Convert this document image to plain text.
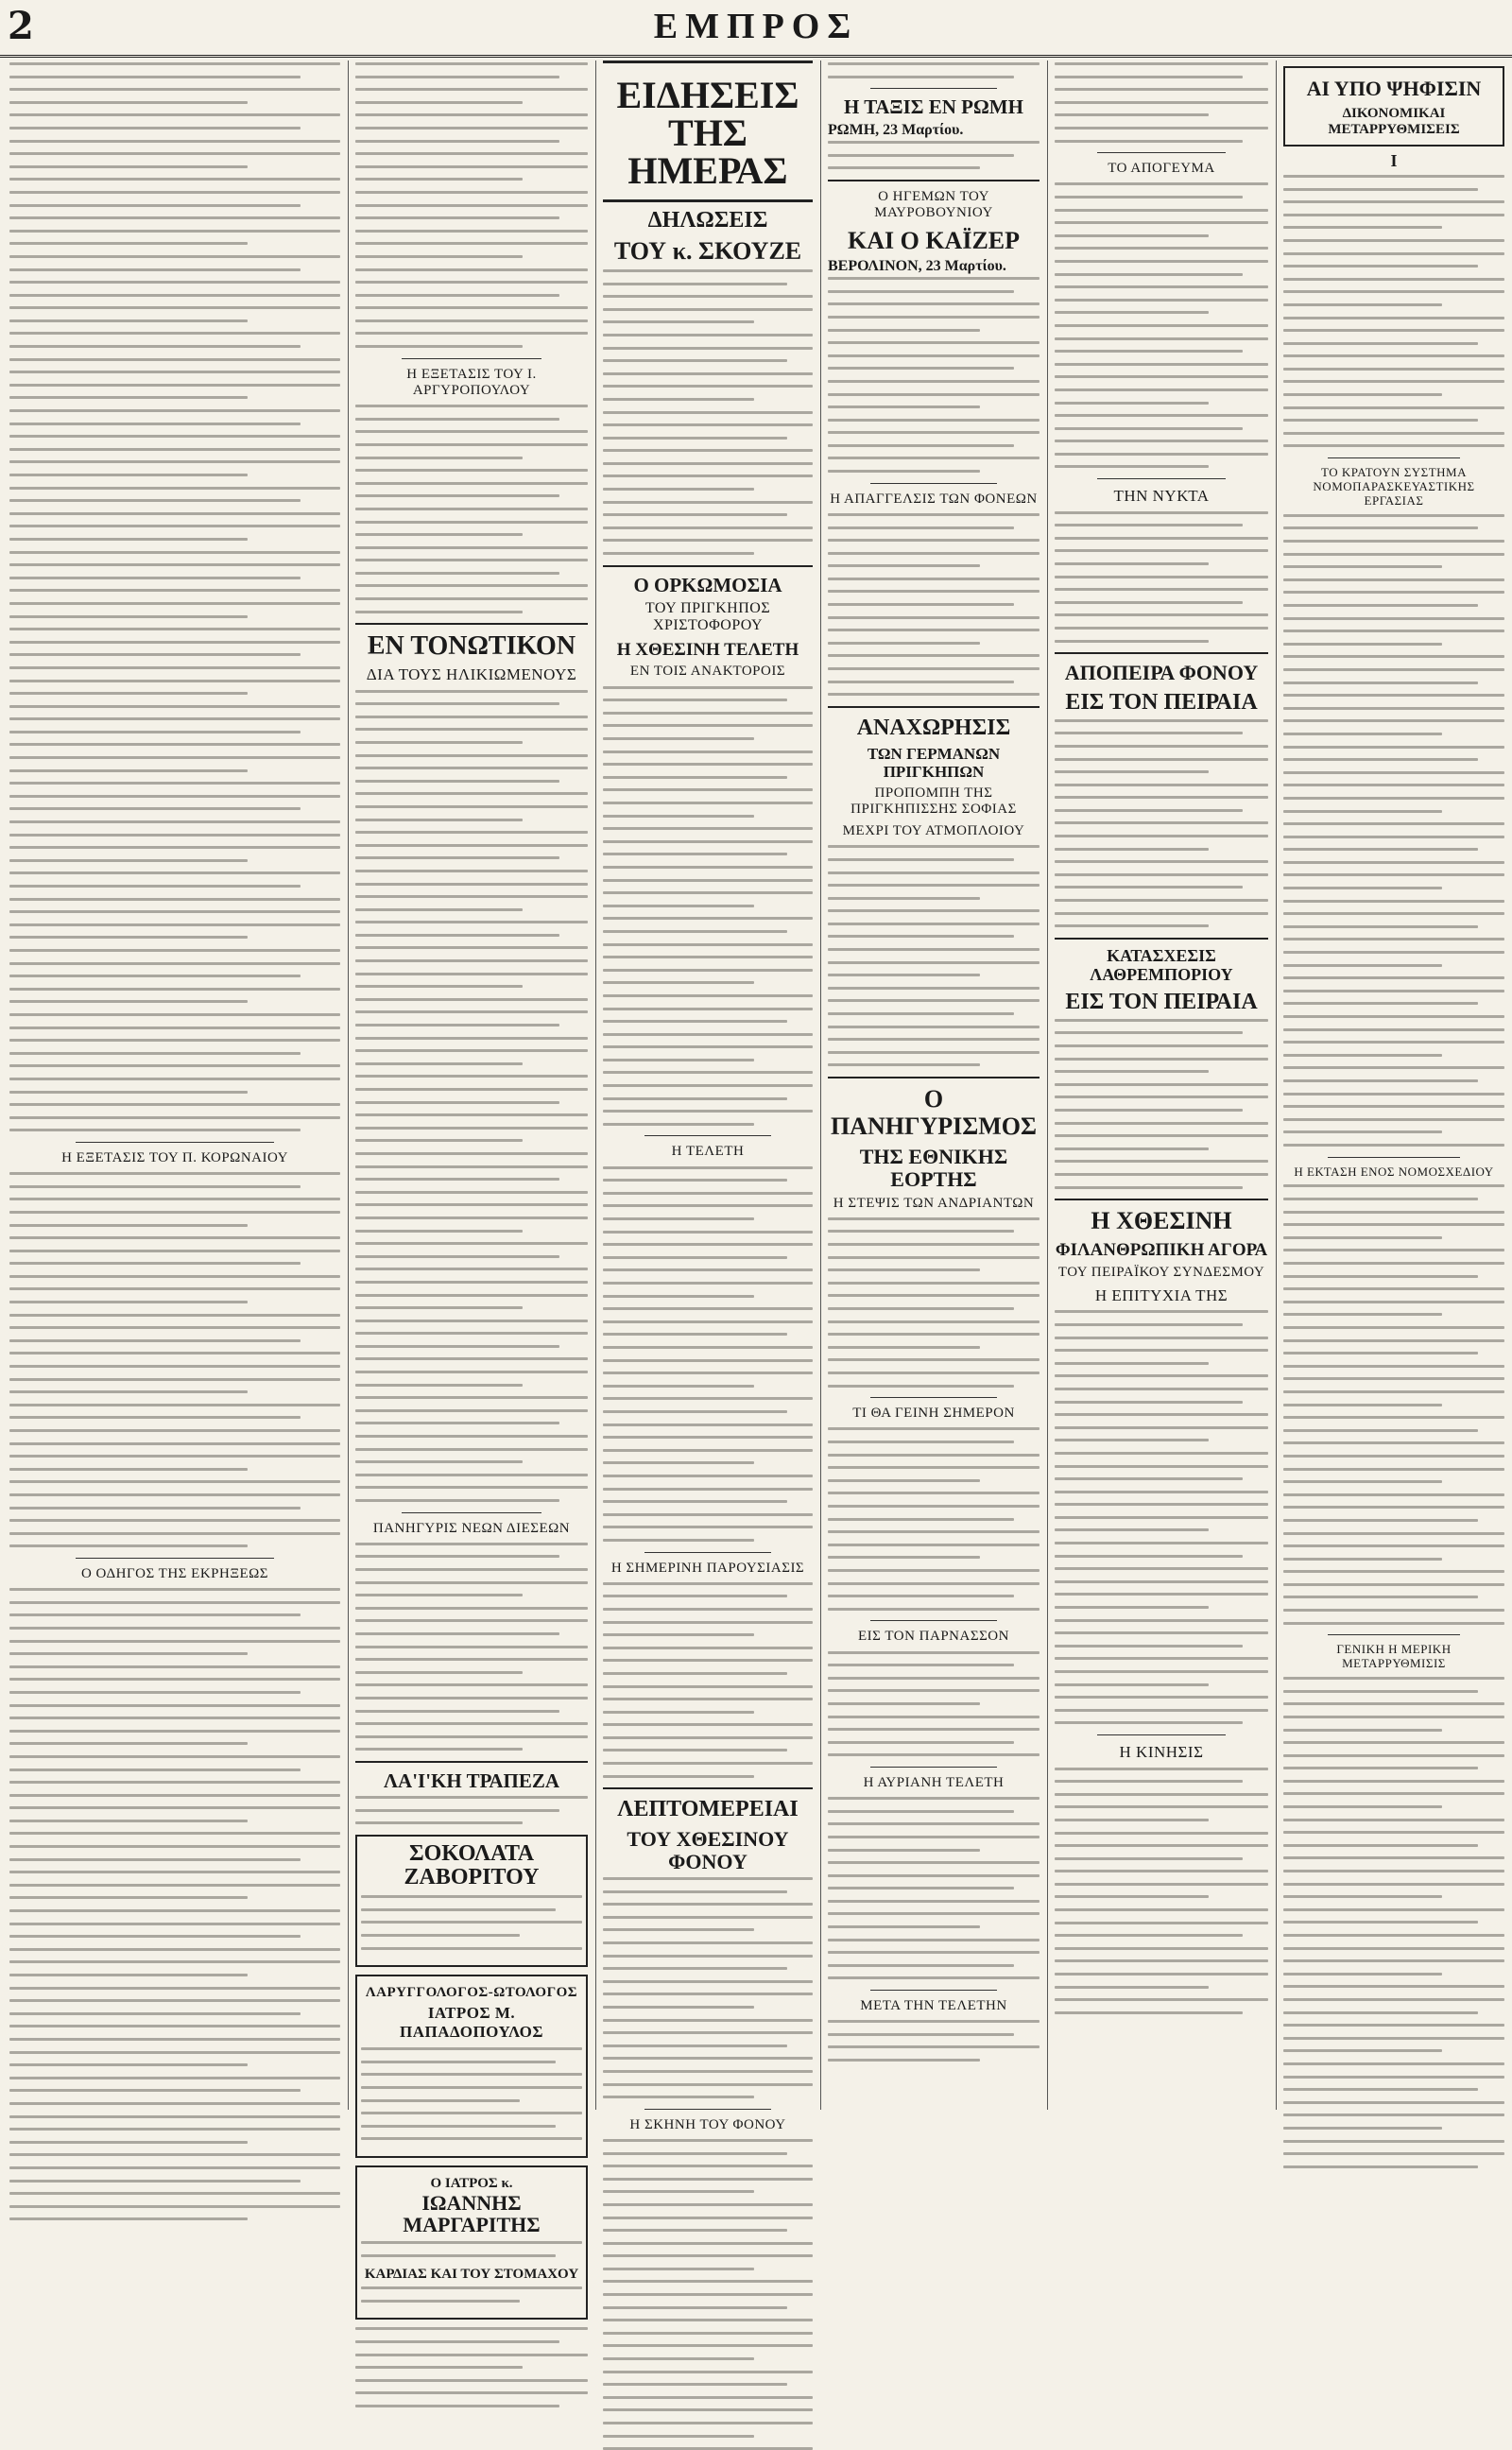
2	ΕΜΠΡΟΣ
Η ΕΞΕΤΑΣΙΣ ΤΟΥ Π. ΚΟΡΩΝΑΙΟΥ
Ο ΟΔΗΓΟΣ ΤΗΣ ΕΚΡΗΞΕΩΣ
Η ΕΞΕΤΑΣΙΣ ΤΟΥ Ι. ΑΡΓΥΡΟΠΟΥΛΟΥ
ΕΝ ΤΟΝΩΤΙΚΟΝ
ΔΙΑ ΤΟΥΣ ΗΛΙΚΙΩΜΕΝΟΥΣ
ΠΑΝΗΓΥΡΙΣ ΝΕΩΝ ΔΙΕΣΕΩΝ
ΛΑ'Ι'ΚΗ ΤΡΑΠΕΖΑ
ΣΟΚΟΛΑΤΑ ΖΑΒΟΡΙΤΟΥ
ΛΑΡΥΓΓΟΛΟΓΟΣ-ΩΤΟΛΟΓΟΣ
ΙΑΤΡΟΣ Μ. ΠΑΠΑΔΟΠΟΥΛΟΣ
Ο ΙΑΤΡΟΣ κ.
ΙΩΑΝΝΗΣ ΜΑΡΓΑΡΙΤΗΣ
ΚΑΡΔΙΑΣ ΚΑΙ ΤΟΥ ΣΤΟΜΑΧΟΥ
ΕΙΔΗΣΕΙΣ ΤΗΣ ΗΜΕΡΑΣ
ΔΗΛΩΣΕΙΣ
ΤΟΥ κ. ΣΚΟΥΖΕ
Ο ΟΡΚΩΜΟΣΙΑ
ΤΟΥ ΠΡΙΓΚΗΠΟΣ ΧΡΙΣΤΟΦΟΡΟΥ
Η ΧΘΕΣΙΝΗ ΤΕΛΕΤΗ
ΕΝ ΤΟΙΣ ΑΝΑΚΤΟΡΟΙΣ
Η ΤΕΛΕΤΗ
Η ΣΗΜΕΡΙΝΗ ΠΑΡΟΥΣΙΑΣΙΣ
ΛΕΠΤΟΜΕΡΕΙΑΙ
ΤΟΥ ΧΘΕΣΙΝΟΥ ΦΟΝΟΥ
Η ΣΚΗΝΗ ΤΟΥ ΦΟΝΟΥ
Η ΤΑΞΙΣ ΕΝ ΡΩΜΗ
ΡΩΜΗ, 23 Μαρτίου.
Ο ΗΓΕΜΩΝ ΤΟΥ ΜΑΥΡΟΒΟΥΝΙΟΥ
ΚΑΙ Ο ΚΑΪΖΕΡ
ΒΕΡΟΛΙΝΟΝ, 23 Μαρτίου.
Η ΑΠΑΓΓΕΛΣΙΣ ΤΩΝ ΦΟΝΕΩΝ
ΑΝΑΧΩΡΗΣΙΣ
ΤΩΝ ΓΕΡΜΑΝΩΝ ΠΡΙΓΚΗΠΩΝ
ΠΡΟΠΟΜΠΗ ΤΗΣ ΠΡΙΓΚΗΠΙΣΣΗΣ ΣΟΦΙΑΣ
ΜΕΧΡΙ ΤΟΥ ΑΤΜΟΠΛΟΙΟΥ
Ο ΠΑΝΗΓΥΡΙΣΜΟΣ
ΤΗΣ ΕΘΝΙΚΗΣ ΕΟΡΤΗΣ
Η ΣΤΕΨΙΣ ΤΩΝ ΑΝΔΡΙΑΝΤΩΝ
ΤΙ ΘΑ ΓΕΙΝΗ ΣΗΜΕΡΟΝ
ΕΙΣ ΤΟΝ ΠΑΡΝΑΣΣΟΝ
Η ΑΥΡΙΑΝΗ ΤΕΛΕΤΗ
ΜΕΤΑ ΤΗΝ ΤΕΛΕΤΗΝ
ΤΟ ΑΠΟΓΕΥΜΑ
ΤΗΝ ΝΥΚΤΑ
ΑΠΟΠΕΙΡΑ ΦΟΝΟΥ
ΕΙΣ ΤΟΝ ΠΕΙΡΑΙΑ
ΚΑΤΑΣΧΕΣΙΣ ΛΑΘΡΕΜΠΟΡΙΟΥ
ΕΙΣ ΤΟΝ ΠΕΙΡΑΙΑ
Η ΧΘΕΣΙΝΗ
ΦΙΛΑΝΘΡΩΠΙΚΗ ΑΓΟΡΑ
ΤΟΥ ΠΕΙΡΑΪΚΟΥ ΣΥΝΔΕΣΜΟΥ
Η ΕΠΙΤΥΧΙΑ ΤΗΣ
Η ΚΙΝΗΣΙΣ
ΑΙ ΥΠΟ ΨΗΦΙΣΙΝ
ΔΙΚΟΝΟΜΙΚΑΙ ΜΕΤΑΡΡΥΘΜΙΣΕΙΣ
Ι
ΤΟ ΚΡΑΤΟΥΝ ΣΥΣΤΗΜΑ ΝΟΜΟΠΑΡΑΣΚΕΥΑΣΤΙΚΗΣ ΕΡΓΑΣΙΑΣ
Η ΕΚΤΑΣΗ ΕΝΟΣ ΝΟΜΟΣΧΕΔΙΟΥ
ΓΕΝΙΚΗ Η ΜΕΡΙΚΗ ΜΕΤΑΡΡΥΘΜΙΣΙΣ
